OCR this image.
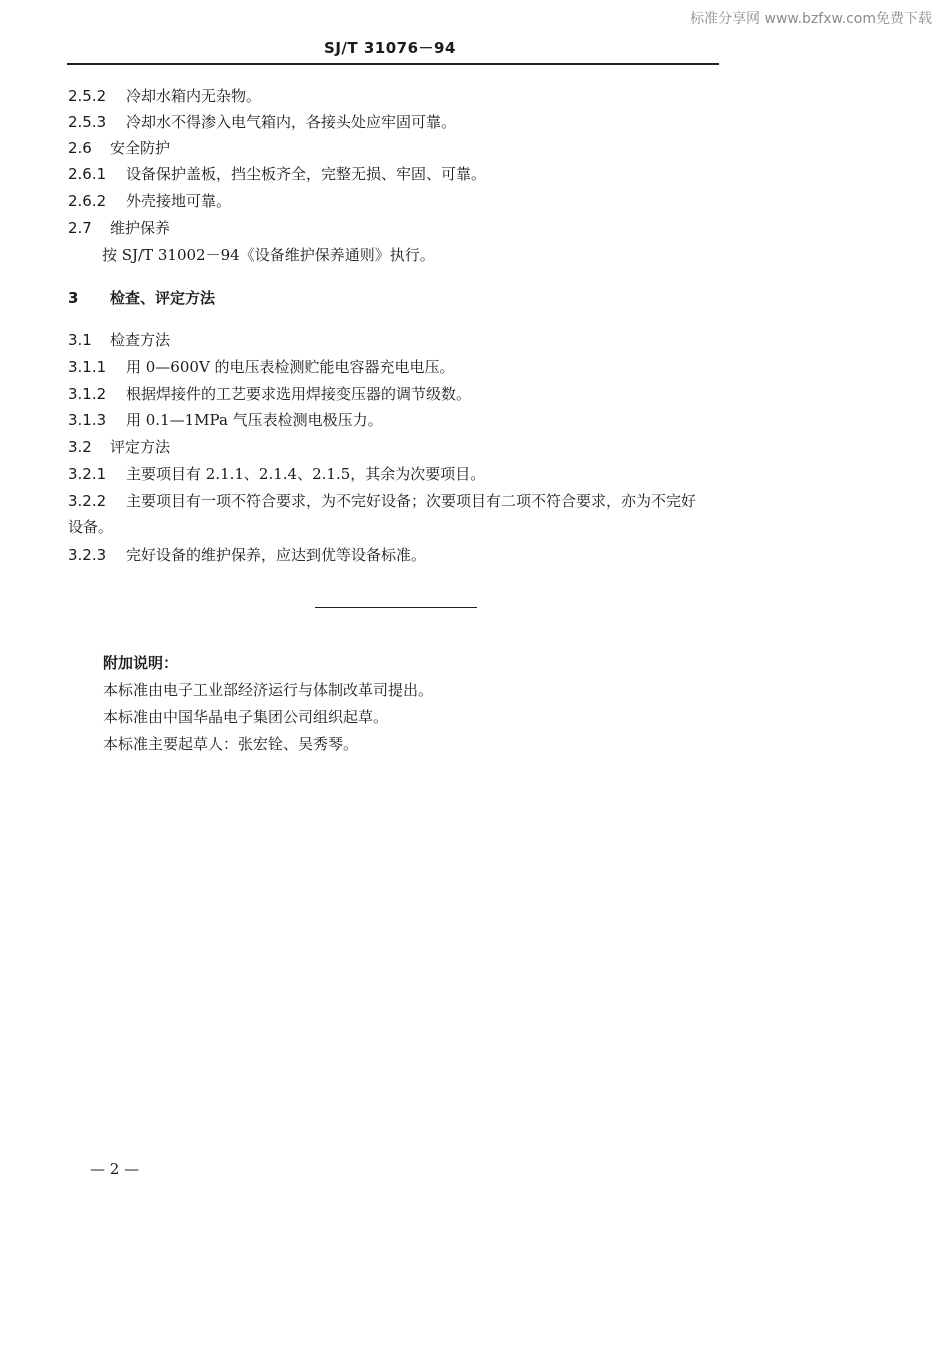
标准分享网 www.bzfxw.com免费下载
SJ/T 31076－94
2.5.2 冷却水箱内无杂物。
2.5.3 冷却水不得渗入电气箱内，各接头处应牢固可靠。
2.6 安全防护
2.6.1 设备保护盖板，挡尘板齐全，完整无损、牢固、可靠。
2.6.2 外壳接地可靠。
2.7 维护保养
按 SJ/T 31002－94《设备维护保养通则》执行。
3 检查、评定方法
3.1 检查方法
3.1.1 用 0—600V 的电压表检测贮能电容器充电电压。
3.1.2 根据焊接件的工艺要求选用焊接变压器的调节级数。
3.1.3 用 0.1—1MPa 气压表检测电极压力。
3.2 评定方法
3.2.1 主要项目有 2.1.1、2.1.4、2.1.5，其余为次要项目。
3.2.2 主要项目有一项不符合要求，为不完好设备；次要项目有二项不符合要求，亦为不完好
设备。
3.2.3 完好设备的维护保养，应达到优等设备标准。
附加说明：
本标准由电子工业部经济运行与体制改革司提出。
本标准由中国华晶电子集团公司组织起草。
本标准主要起草人：张宏铨、吴秀琴。
— 2 —
